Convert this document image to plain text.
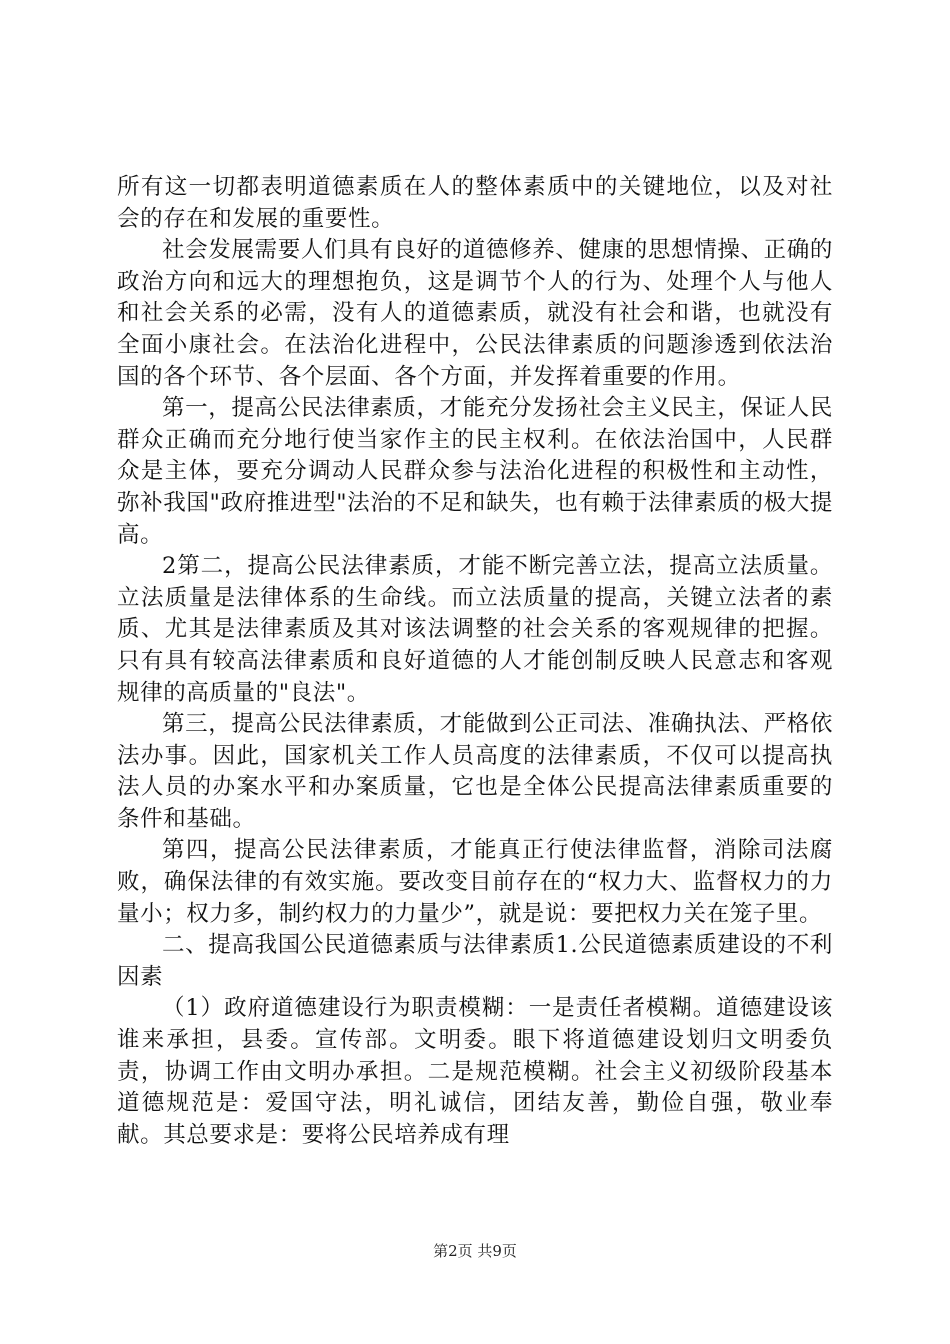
所有这一切都表明道德素质在人的整体素质中的关键地位，以及对社会的存在和发展的重要性。

社会发展需要人们具有良好的道德修养、健康的思想情操、正确的政治方向和远大的理想抱负，这是调节个人的行为、处理个人与他人和社会关系的必需，没有人的道德素质，就没有社会和谐，也就没有全面小康社会。在法治化进程中，公民法律素质的问题渗透到依法治国的各个环节、各个层面、各个方面，并发挥着重要的作用。

第一，提高公民法律素质，才能充分发扬社会主义民主，保证人民群众正确而充分地行使当家作主的民主权利。在依法治国中，人民群众是主体，要充分调动人民群众参与法治化进程的积极性和主动性，弥补我国"政府推进型"法治的不足和缺失，也有赖于法律素质的极大提高。

2第二，提高公民法律素质，才能不断完善立法，提高立法质量。立法质量是法律体系的生命线。而立法质量的提高，关键立法者的素质、尤其是法律素质及其对该法调整的社会关系的客观规律的把握。只有具有较高法律素质和良好道德的人才能创制反映人民意志和客观规律的高质量的"良法"。

第三，提高公民法律素质，才能做到公正司法、准确执法、严格依法办事。因此，国家机关工作人员高度的法律素质，不仅可以提高执法人员的办案水平和办案质量，它也是全体公民提高法律素质重要的条件和基础。

第四，提高公民法律素质，才能真正行使法律监督，消除司法腐败，确保法律的有效实施。要改变目前存在的“权力大、监督权力的力量小；权力多，制约权力的力量少”，就是说：要把权力关在笼子里。

二、提高我国公民道德素质与法律素质1.公民道德素质建设的不利因素

（1）政府道德建设行为职责模糊：一是责任者模糊。道德建设该谁来承担，县委。宣传部。文明委。眼下将道德建设划归文明委负责，协调工作由文明办承担。二是规范模糊。社会主义初级阶段基本道德规范是：爱国守法，明礼诚信，团结友善，勤俭自强，敬业奉献。其总要求是：要将公民培养成有理

第2页 共9页
